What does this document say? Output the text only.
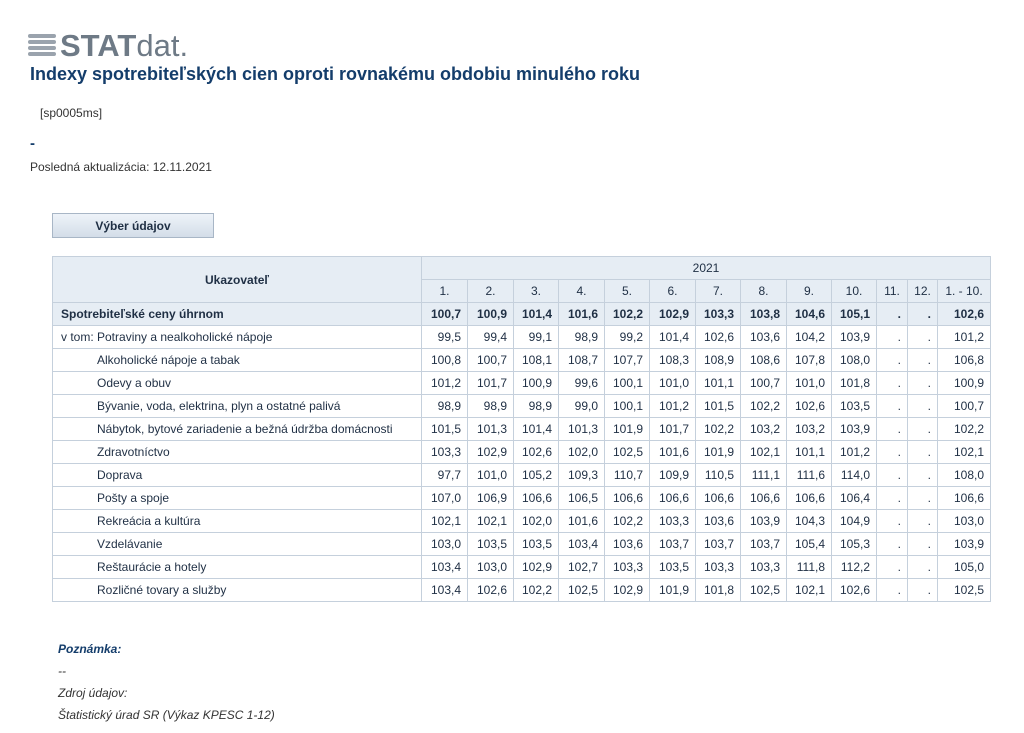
STATdat.
Indexy spotrebiteľských cien oproti rovnakému obdobiu minulého roku
[sp0005ms]
-
Posledná aktualizácia: 12.11.2021
Výber údajov
Ukazovateľ	2021												
	1.	2.	3.	4.	5.	6.	7.	8.	9.	10.	11.	12.	1. - 10.
Spotrebiteľské ceny úhrnom	100,7	100,9	101,4	101,6	102,2	102,9	103,3	103,8	104,6	105,1	.	.	102,6
v tom: Potraviny a nealkoholické nápoje	99,5	99,4	99,1	98,9	99,2	101,4	102,6	103,6	104,2	103,9	.	.	101,2
Alkoholické nápoje a tabak	100,8	100,7	108,1	108,7	107,7	108,3	108,9	108,6	107,8	108,0	.	.	106,8
Odevy a obuv	101,2	101,7	100,9	99,6	100,1	101,0	101,1	100,7	101,0	101,8	.	.	100,9
Bývanie, voda, elektrina, plyn a ostatné palivá	98,9	98,9	98,9	99,0	100,1	101,2	101,5	102,2	102,6	103,5	.	.	100,7
Nábytok, bytové zariadenie a bežná údržba domácnosti	101,5	101,3	101,4	101,3	101,9	101,7	102,2	103,2	103,2	103,9	.	.	102,2
Zdravotníctvo	103,3	102,9	102,6	102,0	102,5	101,6	101,9	102,1	101,1	101,2	.	.	102,1
Doprava	97,7	101,0	105,2	109,3	110,7	109,9	110,5	111,1	111,6	114,0	.	.	108,0
Pošty a spoje	107,0	106,9	106,6	106,5	106,6	106,6	106,6	106,6	106,6	106,4	.	.	106,6
Rekreácia a kultúra	102,1	102,1	102,0	101,6	102,2	103,3	103,6	103,9	104,3	104,9	.	.	103,0
Vzdelávanie	103,0	103,5	103,5	103,4	103,6	103,7	103,7	103,7	105,4	105,3	.	.	103,9
Reštaurácie a hotely	103,4	103,0	102,9	102,7	103,3	103,5	103,3	103,3	111,8	112,2	.	.	105,0
Rozličné tovary a služby	103,4	102,6	102,2	102,5	102,9	101,9	101,8	102,5	102,1	102,6	.	.	102,5
Poznámka:
--
Zdroj údajov:
Štatistický úrad SR (Výkaz KPESC 1-12)
